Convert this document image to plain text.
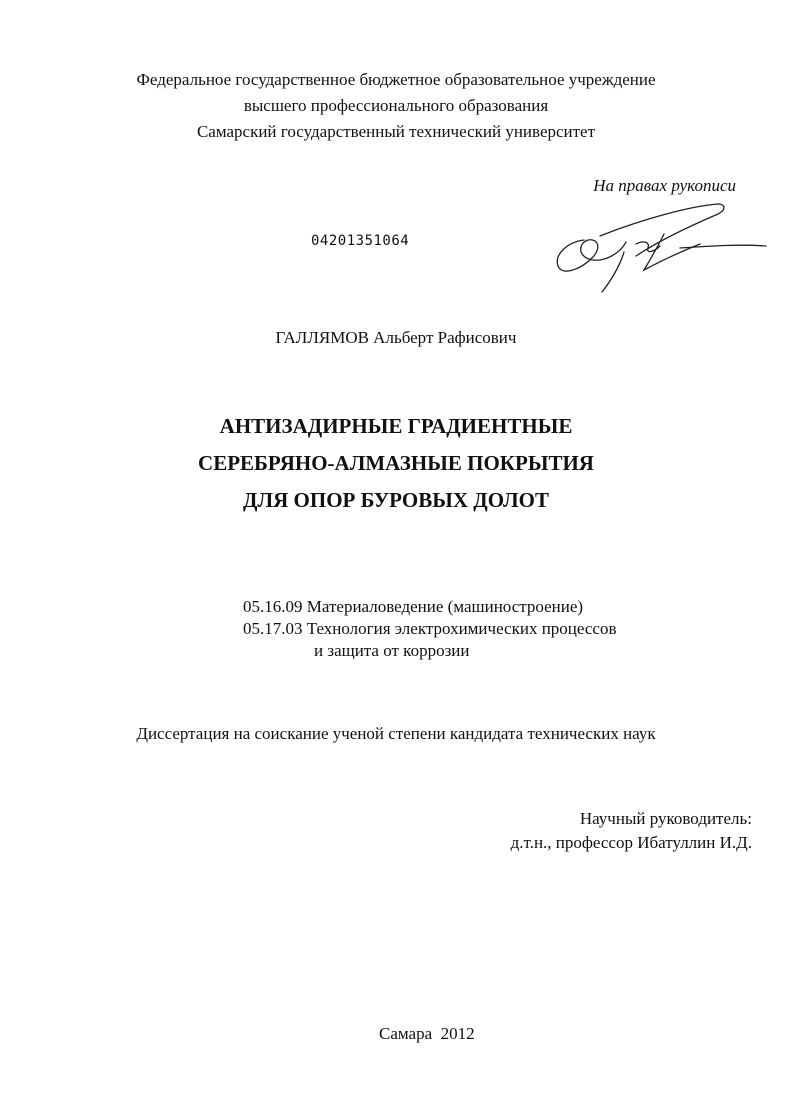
Федеральное государственное бюджетное образовательное учреждение
высшего профессионального образования
Самарский государственный технический университет
На правах рукописи
04201351064
ГАЛЛЯМОВ Альберт Рафисович
АНТИЗАДИРНЫЕ ГРАДИЕНТНЫЕ
СЕРЕБРЯНО-АЛМАЗНЫЕ ПОКРЫТИЯ
ДЛЯ ОПОР БУРОВЫХ ДОЛОТ
05.16.09 Материаловедение (машиностроение)
05.17.03 Технология электрохимических процессов
и защита от коррозии
Диссертация на соискание ученой степени кандидата технических наук
Научный руководитель:
д.т.н., профессор Ибатуллин И.Д.
Самара  2012
